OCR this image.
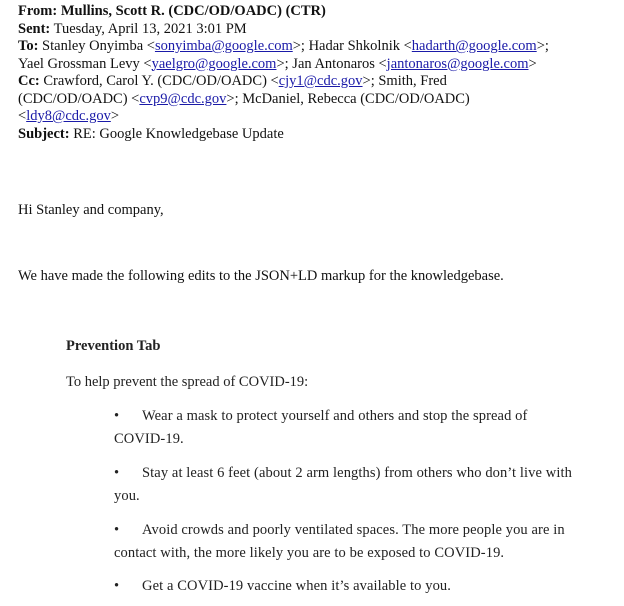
From: Mullins, Scott R. (CDC/OD/OADC) (CTR)
Sent: Tuesday, April 13, 2021 3:01 PM
To: Stanley Onyimba <sonyimba@google.com>; Hadar Shkolnik <hadarth@google.com>;
Yael Grossman Levy <yaelgro@google.com>; Jan Antonaros <jantonaros@google.com>
Cc: Crawford, Carol Y. (CDC/OD/OADC) <cjy1@cdc.gov>; Smith, Fred
(CDC/OD/OADC) <cvp9@cdc.gov>; McDaniel, Rebecca (CDC/OD/OADC)
<ldy8@cdc.gov>
Subject: RE: Google Knowledgebase Update
Hi Stanley and company,
We have made the following edits to the JSON+LD markup for the knowledgebase.
Prevention Tab
To help prevent the spread of COVID-19:
• Wear a mask to protect yourself and others and stop the spread of
COVID-19.
• Stay at least 6 feet (about 2 arm lengths) from others who don’t live with
you.
• Avoid crowds and poorly ventilated spaces. The more people you are in
contact with, the more likely you are to be exposed to COVID-19.
• Get a COVID-19 vaccine when it’s available to you.
